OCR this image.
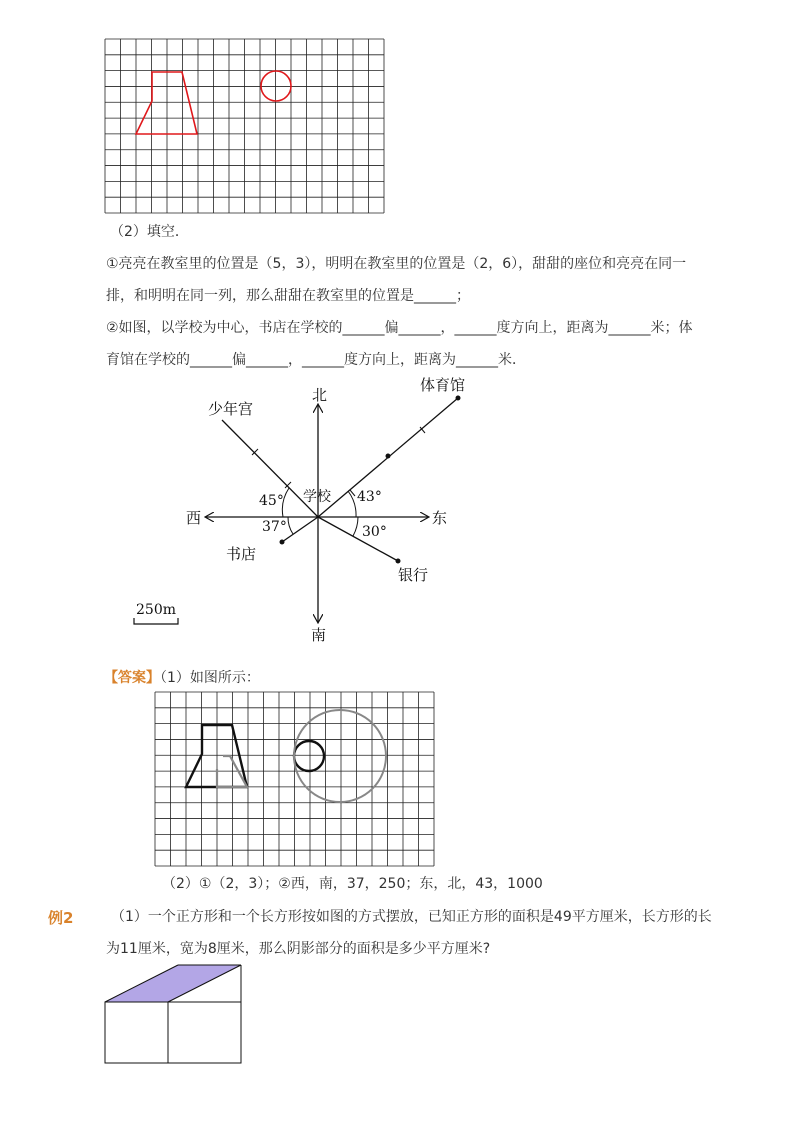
（2）填空．
①亮亮在教室里的位置是（5，3），明明在教室里的位置是（2，6），甜甜的座位和亮亮在同一
排，和明明在同一列，那么甜甜在教室里的位置是______；
②如图，以学校为中心，书店在学校的______偏______，______度方向上，距离为______米；体
育馆在学校的______偏______，______度方向上，距离为______米．
北
南
东
西
学校
少年宫
体育馆
书店
银行
45°	43°
37°	30°
250m
【答案】（1）如图所示：
（2）①（2，3）；②西，南，37，250；东，北，43，1000
例2	（1）一个正方形和一个长方形按如图的方式摆放，已知正方形的面积是49平方厘米，长方形的长
为11厘米，宽为8厘米，那么阴影部分的面积是多少平方厘米?
